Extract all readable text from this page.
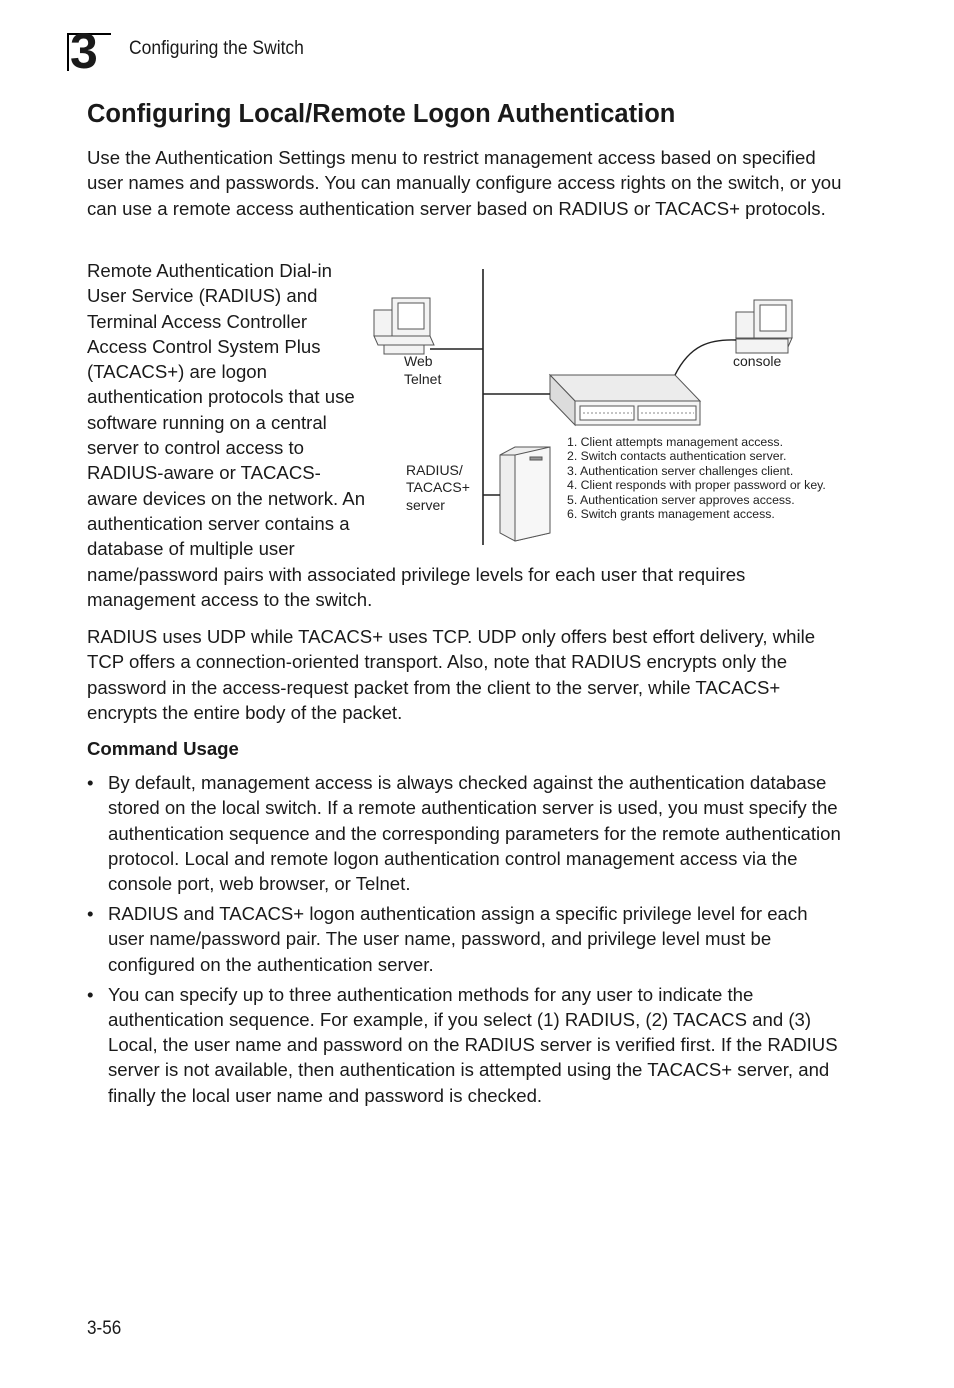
3 Configuring the Switch
Configuring Local/Remote Logon Authentication

Use the Authentication Settings menu to restrict management access based on specified user names and passwords. You can manually configure access rights on the switch, or you can use a remote access authentication server based on RADIUS or TACACS+ protocols.

Remote Authentication Dial-in User Service (RADIUS) and Terminal Access Controller Access Control System Plus (TACACS+) are logon authentication protocols that use software running on a central server to control access to RADIUS-aware or TACACS-aware devices on the network. An authentication server contains a database of multiple user name/password pairs with associated privilege levels for each user that requires management access to the switch.

Web
Telnet
console
RADIUS/
TACACS+
server
1. Client attempts management access.
2. Switch contacts authentication server.
3. Authentication server challenges client.
4. Client responds with proper password or key.
5. Authentication server approves access.
6. Switch grants management access.

RADIUS uses UDP while TACACS+ uses TCP. UDP only offers best effort delivery, while TCP offers a connection-oriented transport. Also, note that RADIUS encrypts only the password in the access-request packet from the client to the server, while TACACS+ encrypts the entire body of the packet.

Command Usage
• By default, management access is always checked against the authentication database stored on the local switch. If a remote authentication server is used, you must specify the authentication sequence and the corresponding parameters for the remote authentication protocol. Local and remote logon authentication control management access via the console port, web browser, or Telnet.
• RADIUS and TACACS+ logon authentication assign a specific privilege level for each user name/password pair. The user name, password, and privilege level must be configured on the authentication server.
• You can specify up to three authentication methods for any user to indicate the authentication sequence. For example, if you select (1) RADIUS, (2) TACACS and (3) Local, the user name and password on the RADIUS server is verified first. If the RADIUS server is not available, then authentication is attempted using the TACACS+ server, and finally the local user name and password is checked.
3-56
